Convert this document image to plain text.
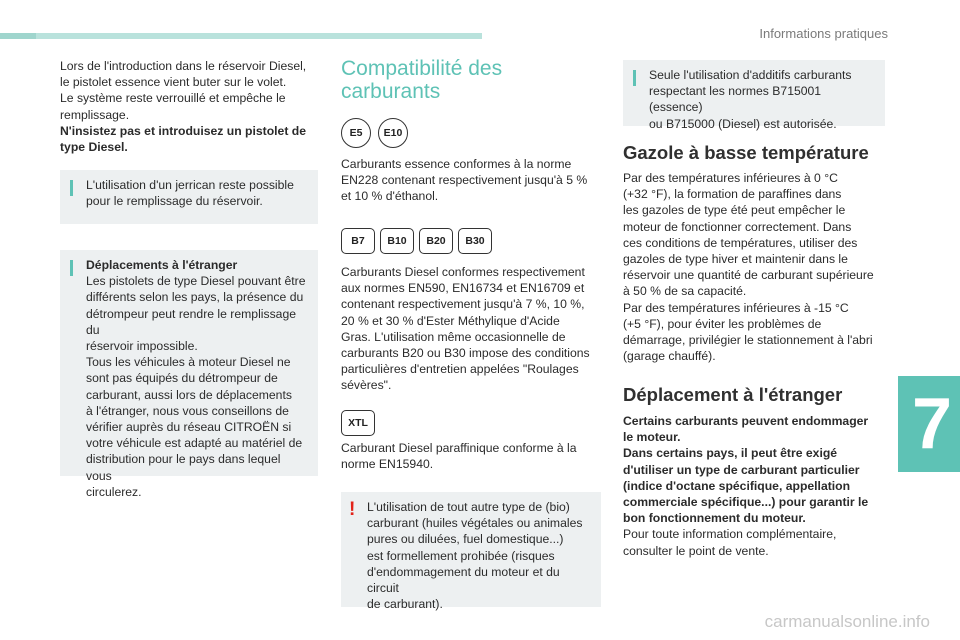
Informations pratiques
7

Lors de l'introduction dans le réservoir Diesel,

le pistolet essence vient buter sur le volet.

Le système reste verrouillé et empêche le

remplissage.

N'insistez pas et introduisez un pistolet de

type Diesel.

L'utilisation d'un jerrican reste possible

pour le remplissage du réservoir.

Déplacements à l'étranger

Les pistolets de type Diesel pouvant être

différents selon les pays, la présence du

détrompeur peut rendre le remplissage du

réservoir impossible.

Tous les véhicules à moteur Diesel ne

sont pas équipés du détrompeur de

carburant, aussi lors de déplacements

à l'étranger, nous vous conseillons de

vérifier auprès du réseau CITROËN si

votre véhicule est adapté au matériel de

distribution pour le pays dans lequel vous

circulerez.

Compatibilité des
carburants
E5	E10

Carburants essence conformes à la norme

EN228 contenant respectivement jusqu'à 5 %

et 10 % d'éthanol.

B7	B10	B20	B30

Carburants Diesel conformes respectivement

aux normes EN590, EN16734 et EN16709 et

contenant respectivement jusqu'à 7 %, 10 %,

20 % et 30 % d'Ester Méthylique d'Acide

Gras. L'utilisation même occasionnelle de

carburants B20 ou B30 impose des conditions

particulières d'entretien appelées "Roulages

sévères".

XTL

Carburant Diesel paraffinique conforme à la

norme EN15940.

! L'utilisation de tout autre type de (bio)

carburant (huiles végétales ou animales

pures ou diluées, fuel domestique...)

est formellement prohibée (risques

d'endommagement du moteur et du circuit

de carburant).

Seule l'utilisation d'additifs carburants

respectant les normes B715001 (essence)

ou B715000 (Diesel) est autorisée.

Gazole à basse température

Par des températures inférieures à 0 °C

(+32 °F), la formation de paraffines dans

les gazoles de type été peut empêcher le

moteur de fonctionner correctement. Dans

ces conditions de températures, utiliser des

gazoles de type hiver et maintenir dans le

réservoir une quantité de carburant supérieure

à 50 % de sa capacité.

Par des températures inférieures à -15 °C

(+5 °F), pour éviter les problèmes de

démarrage, privilégier le stationnement à l'abri

(garage chauffé).

Déplacement à l'étranger

Certains carburants peuvent endommager

le moteur.

Dans certains pays, il peut être exigé

d'utiliser un type de carburant particulier

(indice d'octane spécifique, appellation

commerciale spécifique...) pour garantir le

bon fonctionnement du moteur.

Pour toute information complémentaire,

consulter le point de vente.

carmanualsonline.info
